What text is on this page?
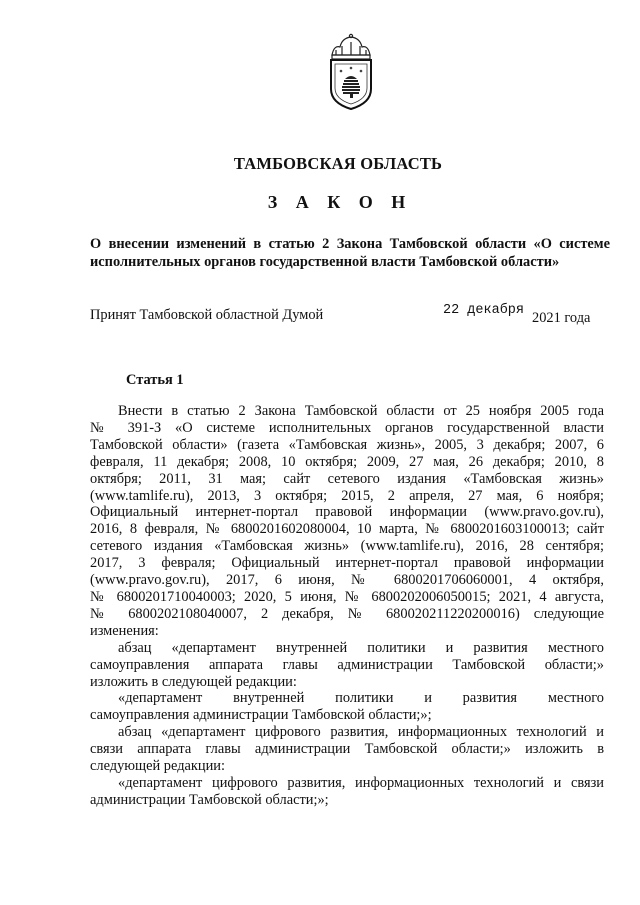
ТАМБОВСКАЯ ОБЛАСТЬ
З А К О Н
О внесении изменений в статью 2 Закона Тамбовской области «О системе
исполнительных органов государственной власти Тамбовской области»
Принят Тамбовской областной Думой	22 декабря 2021 года
Статья 1
Внести в статью 2 Закона Тамбовской области от 25 ноября 2005 года
№ 391-З «О системе исполнительных органов государственной власти
Тамбовской области» (газета «Тамбовская жизнь», 2005, 3 декабря; 2007, 6
февраля, 11 декабря; 2008, 10 октября; 2009, 27 мая, 26 декабря; 2010, 8
октября; 2011, 31 мая; сайт сетевого издания «Тамбовская жизнь»
(www.tamlife.ru), 2013, 3 октября; 2015, 2 апреля, 27 мая, 6 ноября;
Официальный интернет-портал правовой информации (www.pravo.gov.ru),
2016, 8 февраля, № 6800201602080004, 10 марта, № 6800201603100013; сайт
сетевого издания «Тамбовская жизнь» (www.tamlife.ru), 2016, 28 сентября;
2017, 3 февраля; Официальный интернет-портал правовой информации
(www.pravo.gov.ru), 2017, 6 июня, № 6800201706060001, 4 октября,
№ 6800201710040003; 2020, 5 июня, № 6800202006050015; 2021, 4 августа,
№ 6800202108040007, 2 декабря, № 680020211220200016) следующие
изменения:
абзац «департамент внутренней политики и развития местного
самоуправления аппарата главы администрации Тамбовской области;»
изложить в следующей редакции:
«департамент внутренней политики и развития местного
самоуправления администрации Тамбовской области;»;
абзац «департамент цифрового развития, информационных технологий и
связи аппарата главы администрации Тамбовской области;» изложить в
следующей редакции:
«департамент цифрового развития, информационных технологий и связи
администрации Тамбовской области;»;
